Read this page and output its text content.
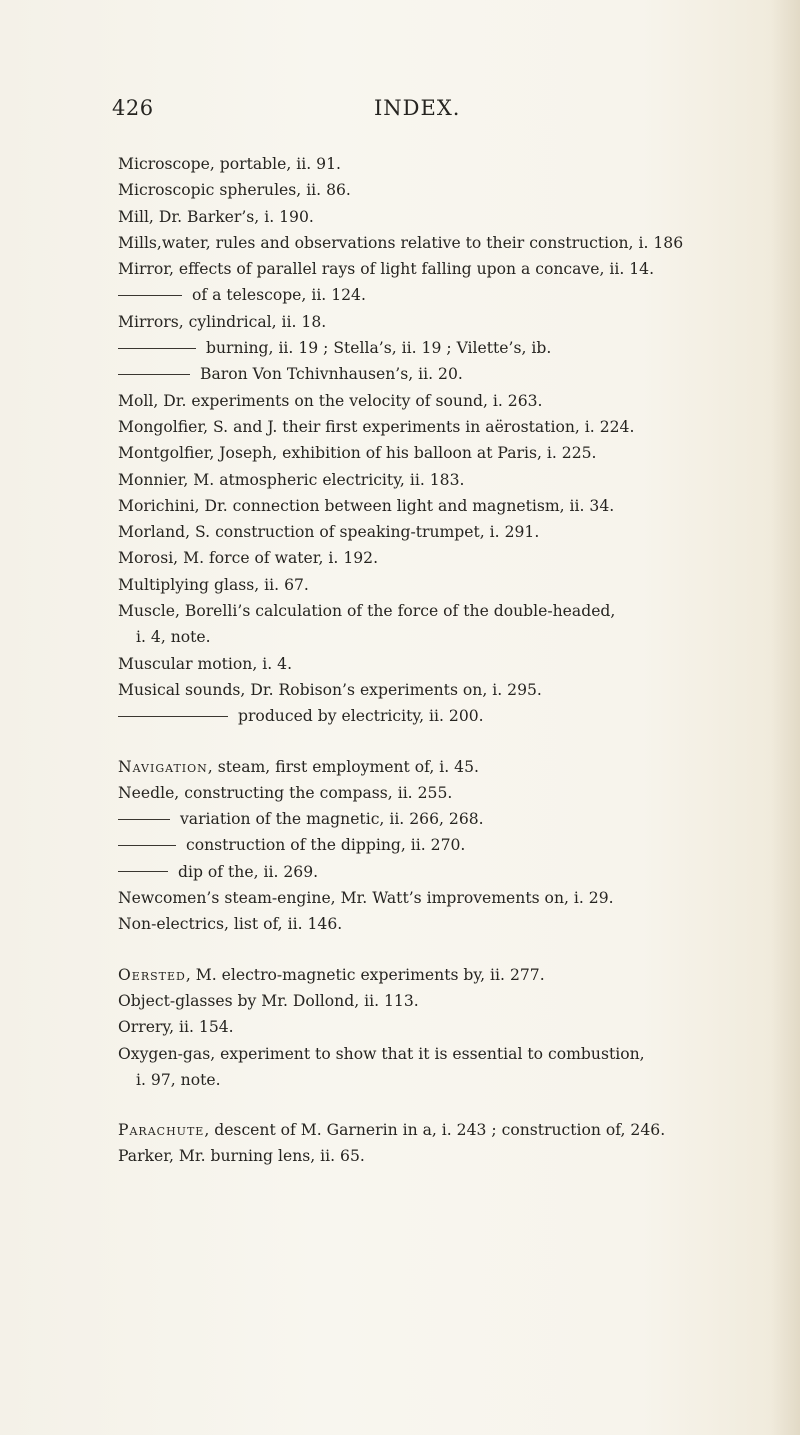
426	INDEX.
Microscope, portable, ii. 91.
Microscopic spherules, ii. 86.
Mill, Dr. Barker’s, i. 190.
Mills,water, rules and observations relative to their construction, i. 186
Mirror, effects of parallel rays of light falling upon a concave, ii. 14.
of a telescope, ii. 124.
Mirrors, cylindrical, ii. 18.
burning, ii. 19 ; Stella’s, ii. 19 ; Vilette’s, ib.
Baron Von Tchivnhausen’s, ii. 20.
Moll, Dr. experiments on the velocity of sound, i. 263.
Mongolfier, S. and J. their first experiments in aërostation, i. 224.
Montgolfier, Joseph, exhibition of his balloon at Paris, i. 225.
Monnier, M. atmospheric electricity, ii. 183.
Morichini, Dr. connection between light and magnetism, ii. 34.
Morland, S. construction of speaking-trumpet, i. 291.
Morosi, M. force of water, i. 192.
Multiplying glass, ii. 67.
Muscle, Borelli’s calculation of the force of the double-headed,
i. 4, note.
Muscular motion, i. 4.
Musical sounds, Dr. Robison’s experiments on, i. 295.
produced by electricity, ii. 200.
Navigation, steam, first employment of, i. 45.
Needle, constructing the compass, ii. 255.
variation of the magnetic, ii. 266, 268.
construction of the dipping, ii. 270.
dip of the, ii. 269.
Newcomen’s steam-engine, Mr. Watt’s improvements on, i. 29.
Non-electrics, list of, ii. 146.
Oersted, M. electro-magnetic experiments by, ii. 277.
Object-glasses by Mr. Dollond, ii. 113.
Orrery, ii. 154.
Oxygen-gas, experiment to show that it is essential to combustion,
i. 97, note.
Parachute, descent of M. Garnerin in a, i. 243 ; construction of, 246.
Parker, Mr. burning lens, ii. 65.
